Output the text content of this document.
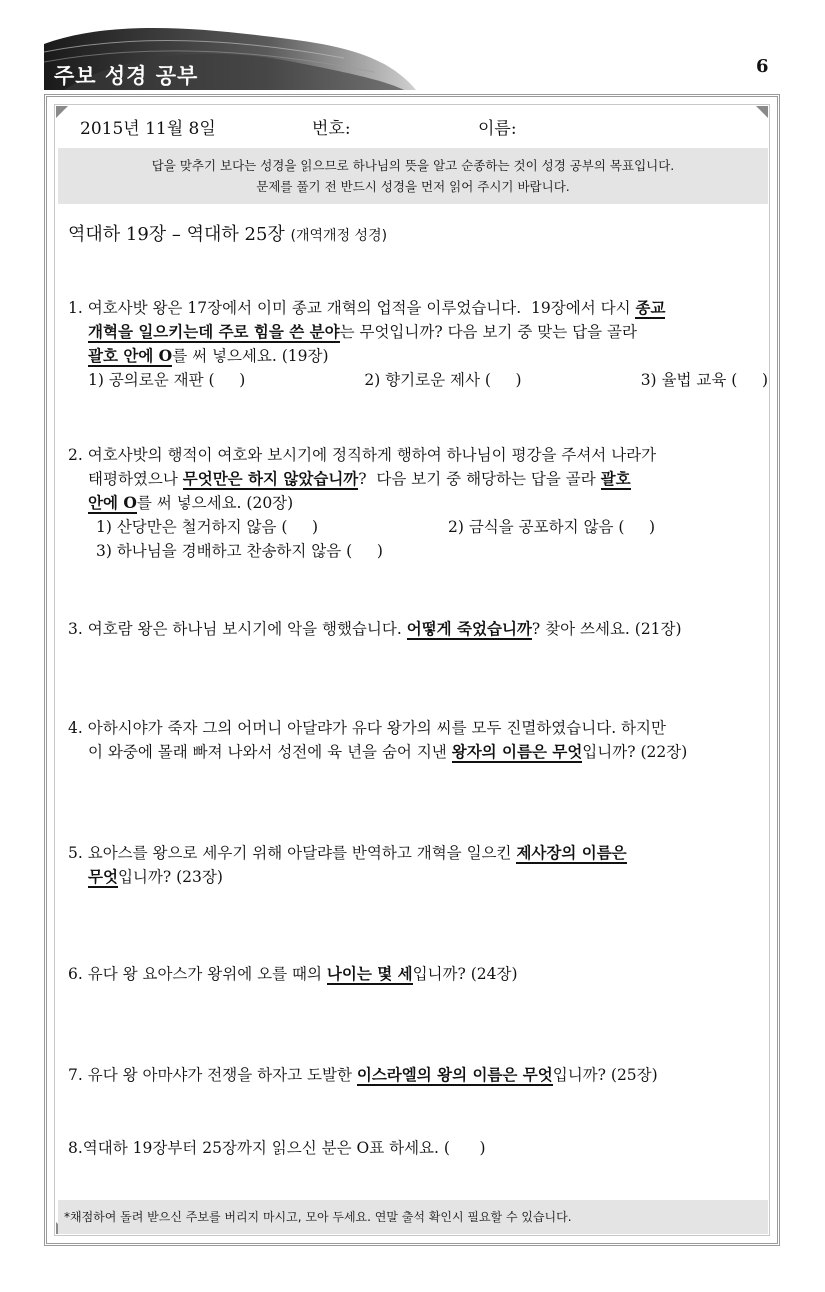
주보 성경 공부	6
2015년 11월 8일	번호:	이름:
답을 맞추기 보다는 성경을 읽으므로 하나님의 뜻을 알고 순종하는 것이 성경 공부의 목표입니다.
문제를 풀기 전 반드시 성경을 먼저 읽어 주시기 바랍니다.
역대하 19장 – 역대하 25장 (개역개정 성경)
1. 여호사밧 왕은 17장에서 이미 종교 개혁의 업적을 이루었습니다.  19장에서 다시 종교
개혁을 일으키는데 주로 힘을 쓴 분야는 무엇입니까? 다음 보기 중 맞는 답을 골라
괄호 안에 O를 써 넣으세요. (19장)
1) 공의로운 재판 (     )	2) 향기로운 제사 (     )	3) 율법 교육 (     )
2. 여호사밧의 행적이 여호와 보시기에 정직하게 행하여 하나님이 평강을 주셔서 나라가
태평하였으나 무엇만은 하지 않았습니까?  다음 보기 중 해당하는 답을 골라 괄호
안에 O를 써 넣으세요. (20장)
1) 산당만은 철거하지 않음 (     )	2) 금식을 공포하지 않음 (     )
3) 하나님을 경배하고 찬송하지 않음 (     )
3. 여호람 왕은 하나님 보시기에 악을 행했습니다. 어떻게 죽었습니까? 찾아 쓰세요. (21장)
4. 아하시야가 죽자 그의 어머니 아달랴가 유다 왕가의 씨를 모두 진멸하였습니다. 하지만
이 와중에 몰래 빠져 나와서 성전에 육 년을 숨어 지낸 왕자의 이름은 무엇입니까? (22장)
5. 요아스를 왕으로 세우기 위해 아달랴를 반역하고 개혁을 일으킨 제사장의 이름은
무엇입니까? (23장)
6. 유다 왕 요아스가 왕위에 오를 때의 나이는 몇 세입니까? (24장)
7. 유다 왕 아마샤가 전쟁을 하자고 도발한 이스라엘의 왕의 이름은 무엇입니까? (25장)
8.역대하 19장부터 25장까지 읽으신 분은 O표 하세요. (      )
*채점하여 돌려 받으신 주보를 버리지 마시고, 모아 두세요. 연말 출석 확인시 필요할 수 있습니다.
